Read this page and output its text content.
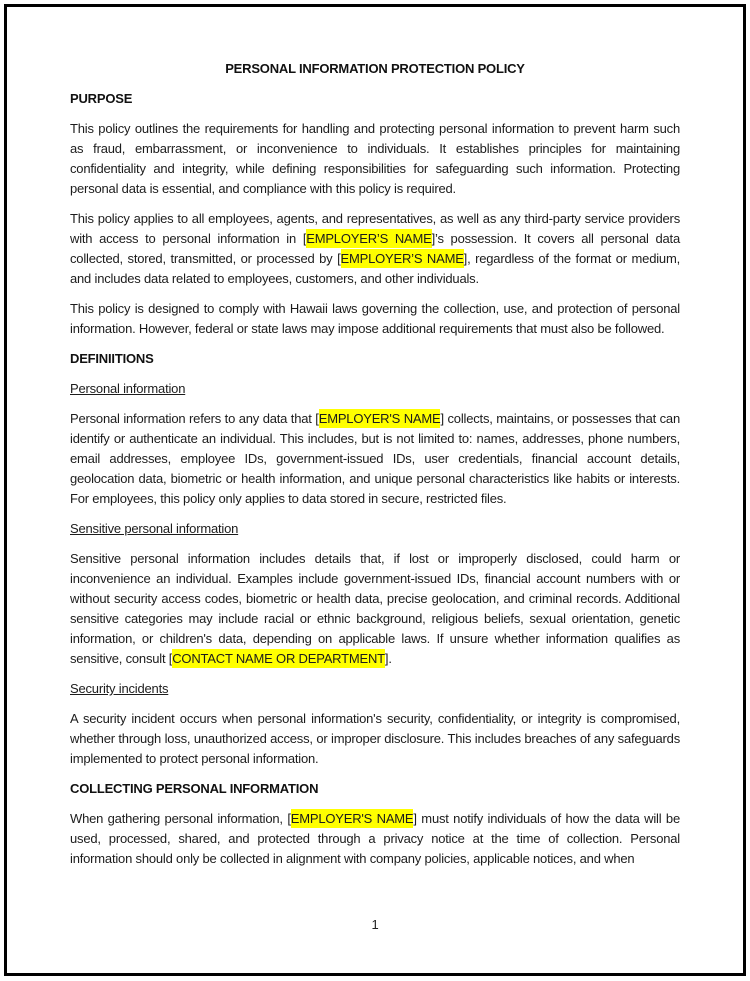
PERSONAL INFORMATION PROTECTION POLICY
PURPOSE

This policy outlines the requirements for handling and protecting personal information to prevent harm such as fraud, embarrassment, or inconvenience to individuals. It establishes principles for maintaining confidentiality and integrity, while defining responsibilities for safeguarding such information. Protecting personal data is essential, and compliance with this policy is required.

This policy applies to all employees, agents, and representatives, as well as any third-party service providers with access to personal information in [EMPLOYER’S NAME]’s possession. It covers all personal data collected, stored, transmitted, or processed by [EMPLOYER’S NAME], regardless of the format or medium, and includes data related to employees, customers, and other individuals.

This policy is designed to comply with Hawaii laws governing the collection, use, and protection of personal information. However, federal or state laws may impose additional requirements that must also be followed.

DEFINIITIONS
Personal information

Personal information refers to any data that [EMPLOYER'S NAME] collects, maintains, or possesses that can identify or authenticate an individual. This includes, but is not limited to: names, addresses, phone numbers, email addresses, employee IDs, government-issued IDs, user credentials, financial account details, geolocation data, biometric or health information, and unique personal characteristics like habits or interests. For employees, this policy only applies to data stored in secure, restricted files.

Sensitive personal information

Sensitive personal information includes details that, if lost or improperly disclosed, could harm or inconvenience an individual. Examples include government-issued IDs, financial account numbers with or without security access codes, biometric or health data, precise geolocation, and criminal records. Additional sensitive categories may include racial or ethnic background, religious beliefs, sexual orientation, genetic information, or children's data, depending on applicable laws. If unsure whether information qualifies as sensitive, consult [CONTACT NAME OR DEPARTMENT].

Security incidents

A security incident occurs when personal information's security, confidentiality, or integrity is compromised, whether through loss, unauthorized access, or improper disclosure. This includes breaches of any safeguards implemented to protect personal information.

COLLECTING PERSONAL INFORMATION

When gathering personal information, [EMPLOYER'S NAME] must notify individuals of how the data will be used, processed, shared, and protected through a privacy notice at the time of collection. Personal information should only be collected in alignment with company policies, applicable notices, and when

1
